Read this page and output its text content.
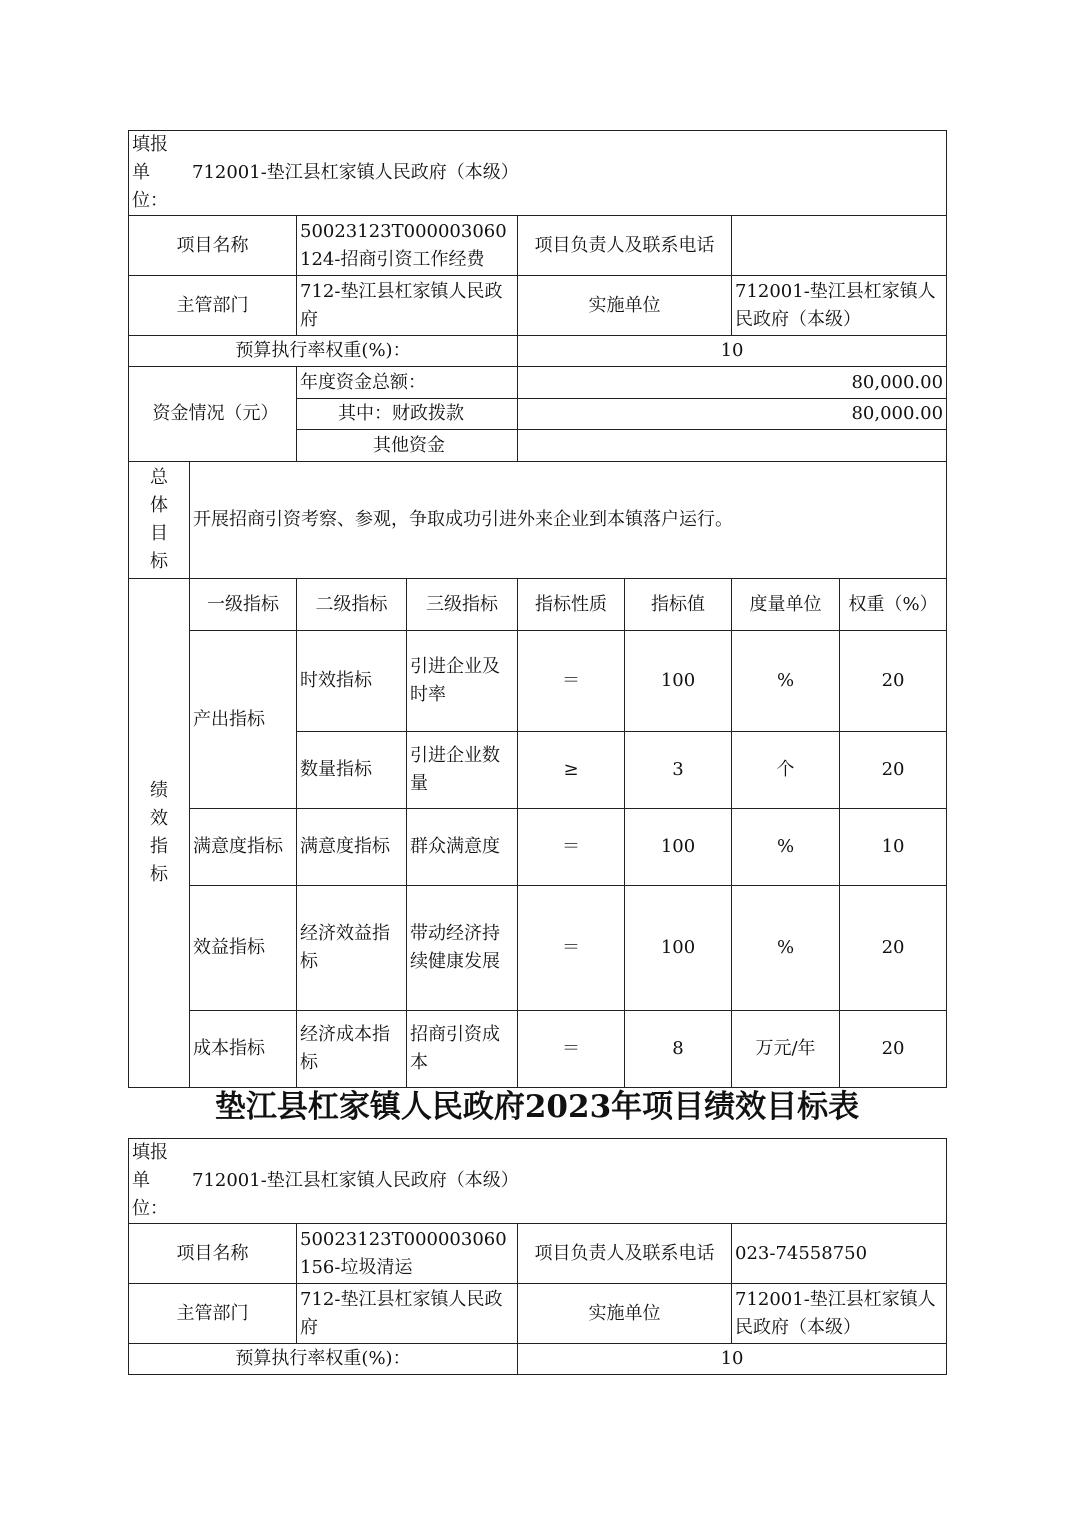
填报单位：
712001-垫江县杠家镇人民政府（本级）							

项目名称		50023123T000003060124-招商引资工作经费		项目负责人及联系电话			
主管部门		712-垫江县杠家镇人民政府		实施单位		712001-垫江县杠家镇人民政府（本级）	
预算执行率权重(%)：				10			

资金情况（元）		年度资金总额：		80,000.00			
		其中：财政拨款		80,000.00			
		其他资金					

总体目标	开展招商引资考察、参观，争取成功引进外来企业到本镇落户运行。						

绩效指标	一级指标	二级指标	三级指标	指标性质	指标值	度量单位	权重（%）
	产出指标	时效指标	引进企业及时率	＝	100	%	20
		数量指标	引进企业数量	≥	3	个	20
	满意度指标	满意度指标	群众满意度	＝	100	%	10
	效益指标	经济效益指标	带动经济持续健康发展	＝	100	%	20
	成本指标	经济成本指标	招商引资成本	＝	8	万元/年	20
垫江县杠家镇人民政府2023年项目绩效目标表
填报单位：
712001-垫江县杠家镇人民政府（本级）			

项目名称	50023123T000003060156-垃圾清运	项目负责人及联系电话	023-74558750
主管部门	712-垫江县杠家镇人民政府	实施单位	712001-垫江县杠家镇人民政府（本级）
预算执行率权重(%)：		10	
